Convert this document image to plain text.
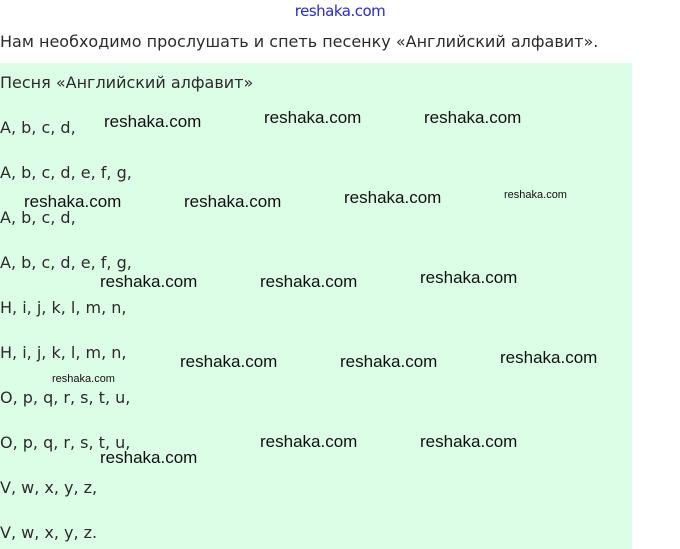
reshaka.com
Нам необходимо прослушать и спеть песенку «Английский алфавит».
Песня «Английский алфавит»
A, b, c, d,
A, b, c, d, e, f, g,
A, b, c, d,
A, b, c, d, e, f, g,
H, i, j, k, l, m, n,
H, i, j, k, l, m, n,
O, p, q, r, s, t, u,
O, p, q, r, s, t, u,
V, w, x, y, z,
V, w, x, y, z.
reshaka.com	reshaka.com	reshaka.com
reshaka.com	reshaka.com	reshaka.com	reshaka.com
reshaka.com	reshaka.com	reshaka.com
reshaka.com	reshaka.com	reshaka.com
reshaka.com
reshaka.com	reshaka.com
reshaka.com
